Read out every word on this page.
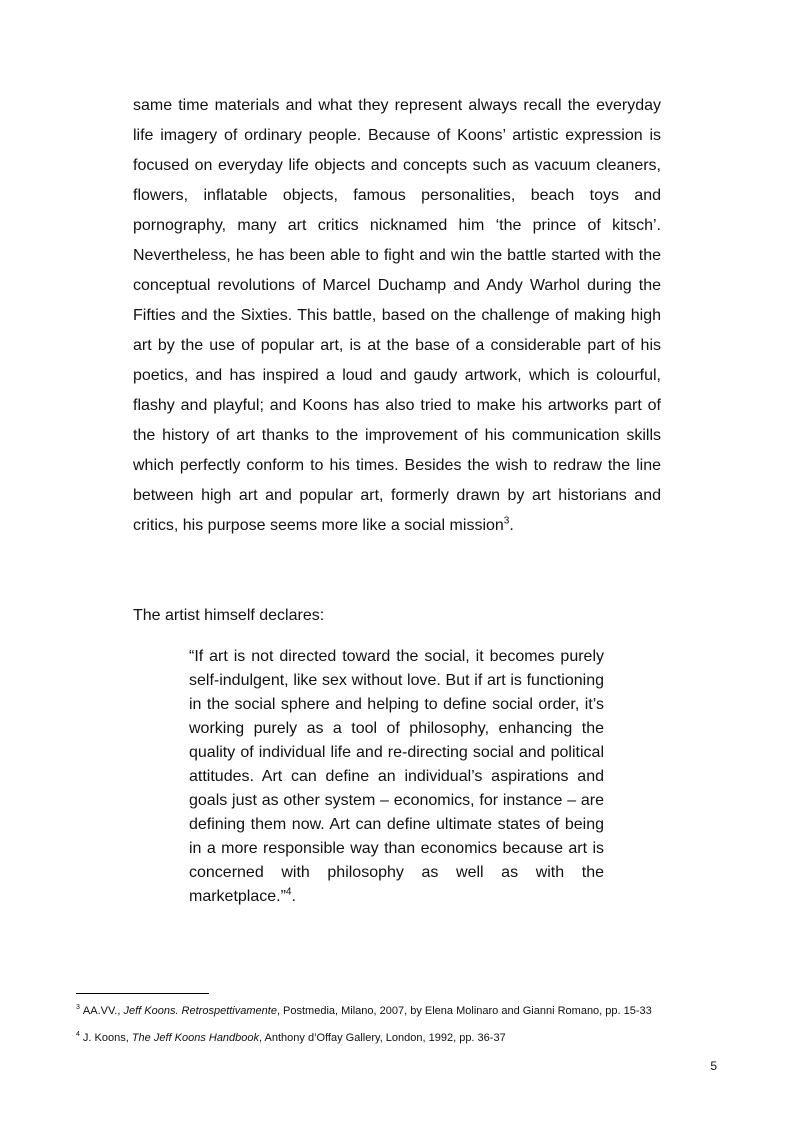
same time materials and what they represent always recall the everyday life imagery of ordinary people. Because of Koons’ artistic expression is focused on everyday life objects and concepts such as vacuum cleaners, flowers, inflatable objects, famous personalities, beach toys and pornography, many art critics nicknamed him ‘the prince of kitsch’. Nevertheless, he has been able to fight and win the battle started with the conceptual revolutions of Marcel Duchamp and Andy Warhol during the Fifties and the Sixties. This battle, based on the challenge of making high art by the use of popular art, is at the base of a considerable part of his poetics, and has inspired a loud and gaudy artwork, which is colourful, flashy and playful; and Koons has also tried to make his artworks part of the history of art thanks to the improvement of his communication skills which perfectly conform to his times. Besides the wish to redraw the line between high art and popular art, formerly drawn by art historians and critics, his purpose seems more like a social mission$^3$.

The artist himself declares:

“If art is not directed toward the social, it becomes purely self-indulgent, like sex without love. But if art is functioning in the social sphere and helping to define social order, it’s working purely as a tool of philosophy, enhancing the quality of individual life and re-directing social and political attitudes. Art can define an individual’s aspirations and goals just as other system – economics, for instance – are defining them now. Art can define ultimate states of being in a more responsible way than economics because art is concerned with philosophy as well as with the marketplace.”$^4$.

$^3$ AA.VV., Jeff Koons. Retrospettivamente, Postmedia, Milano, 2007, by Elena Molinaro and Gianni Romano, pp. 15-33

$^4$ J. Koons, The Jeff Koons Handbook, Anthony d’Offay Gallery, London, 1992, pp. 36-37

5
